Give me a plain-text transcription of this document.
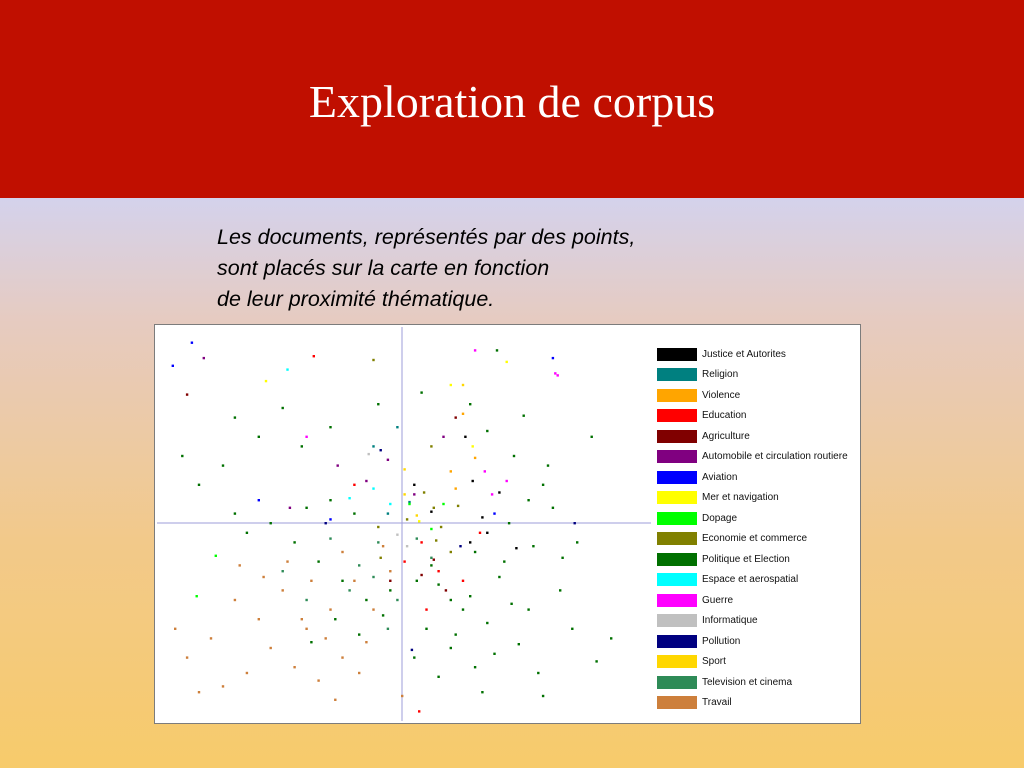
Exploration de corpus
Les documents, représentés par des points,
sont placés sur la carte en fonction
de leur proximité thématique.
Justice et Autorites
Religion
Violence
Education
Agriculture
Automobile et circulation routiere
Aviation
Mer et navigation
Dopage
Economie et commerce
Politique et Election
Espace et aerospatial
Guerre
Informatique
Pollution
Sport
Television et cinema
Travail
